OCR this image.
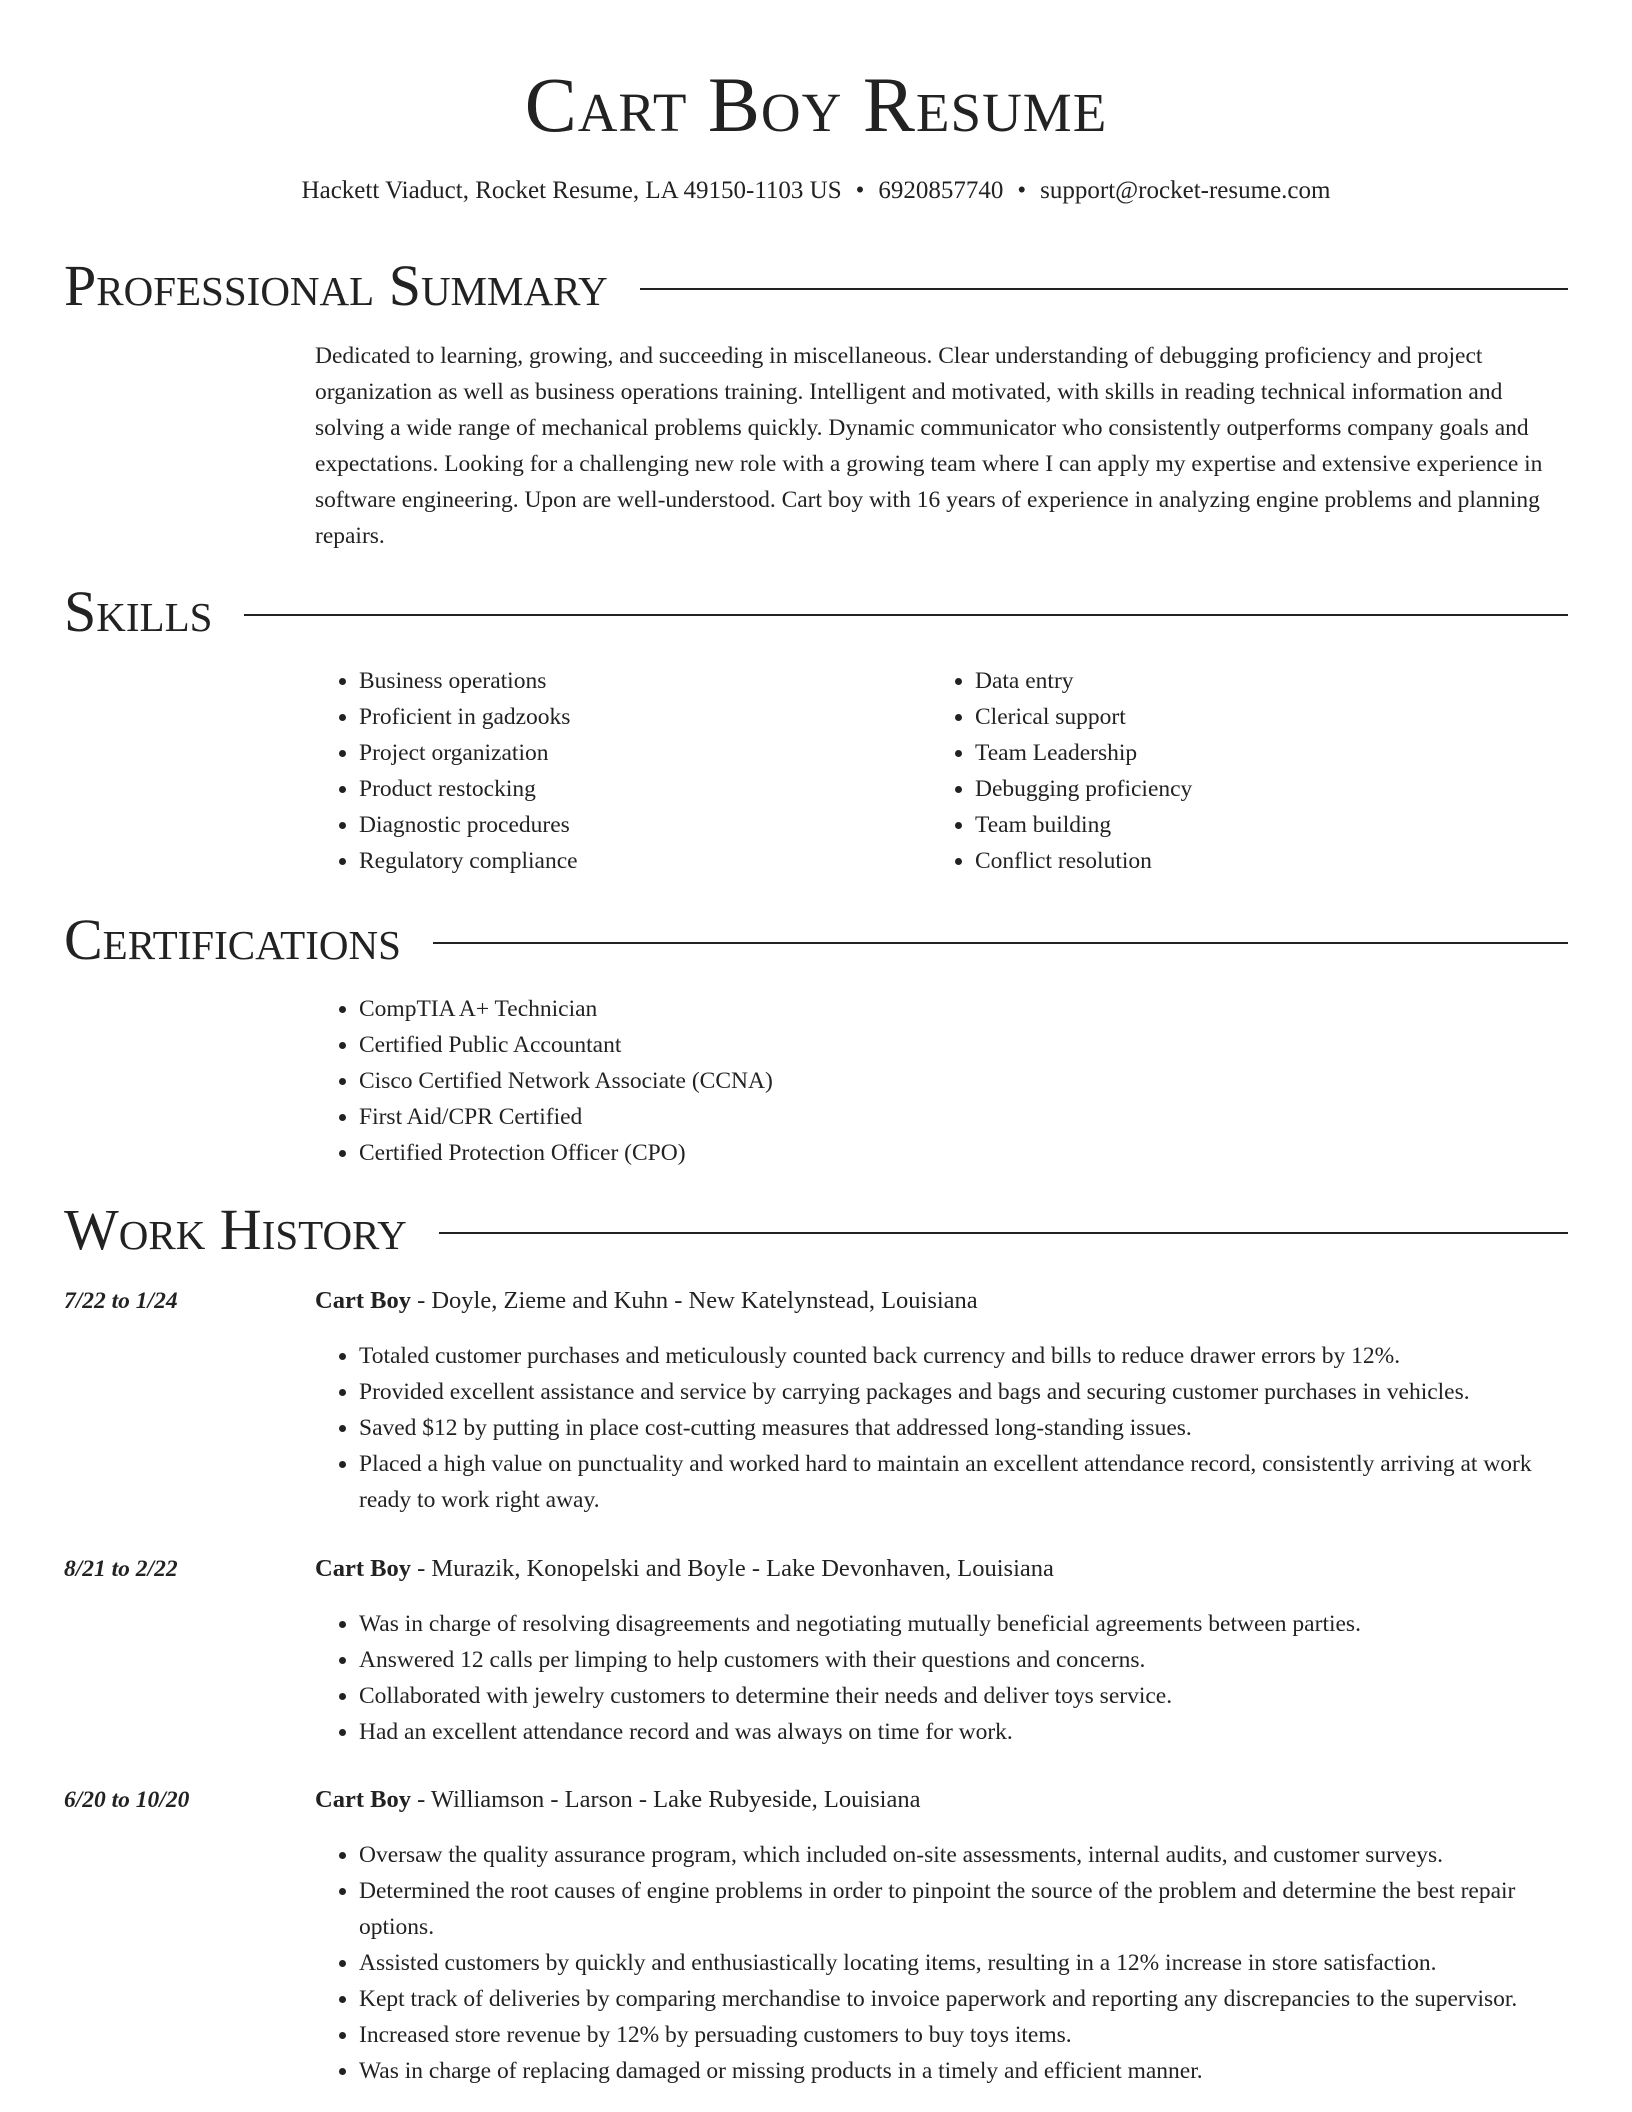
Cart Boy Resume
Hackett Viaduct, Rocket Resume, LA 49150-1103 US • 6920857740 • support@rocket-resume.com
Professional Summary

Dedicated to learning, growing, and succeeding in miscellaneous. Clear understanding of debugging proficiency and project organization as well as business operations training. Intelligent and motivated, with skills in reading technical information and solving a wide range of mechanical problems quickly. Dynamic communicator who consistently outperforms company goals and expectations. Looking for a challenging new role with a growing team where I can apply my expertise and extensive experience in software engineering. Upon are well-understood. Cart boy with 16 years of experience in analyzing engine problems and planning repairs.

Skills
• Business operations
• Proficient in gadzooks
• Project organization
• Product restocking
• Diagnostic procedures
• Regulatory compliance
• Data entry
• Clerical support
• Team Leadership
• Debugging proficiency
• Team building
• Conflict resolution
Certifications
• CompTIA A+ Technician
• Certified Public Accountant
• Cisco Certified Network Associate (CCNA)
• First Aid/CPR Certified
• Certified Protection Officer (CPO)
Work History
7/22 to 1/24	Cart Boy - Doyle, Zieme and Kuhn - New Katelynstead, Louisiana
• Totaled customer purchases and meticulously counted back currency and bills to reduce drawer errors by 12%.
• Provided excellent assistance and service by carrying packages and bags and securing customer purchases in vehicles.
• Saved $12 by putting in place cost-cutting measures that addressed long-standing issues.
• Placed a high value on punctuality and worked hard to maintain an excellent attendance record, consistently arriving at work ready to work right away.
8/21 to 2/22	Cart Boy - Murazik, Konopelski and Boyle - Lake Devonhaven, Louisiana
• Was in charge of resolving disagreements and negotiating mutually beneficial agreements between parties.
• Answered 12 calls per limping to help customers with their questions and concerns.
• Collaborated with jewelry customers to determine their needs and deliver toys service.
• Had an excellent attendance record and was always on time for work.
6/20 to 10/20	Cart Boy - Williamson - Larson - Lake Rubyeside, Louisiana
• Oversaw the quality assurance program, which included on-site assessments, internal audits, and customer surveys.
• Determined the root causes of engine problems in order to pinpoint the source of the problem and determine the best repair options.
• Assisted customers by quickly and enthusiastically locating items, resulting in a 12% increase in store satisfaction.
• Kept track of deliveries by comparing merchandise to invoice paperwork and reporting any discrepancies to the supervisor.
• Increased store revenue by 12% by persuading customers to buy toys items.
• Was in charge of replacing damaged or missing products in a timely and efficient manner.
